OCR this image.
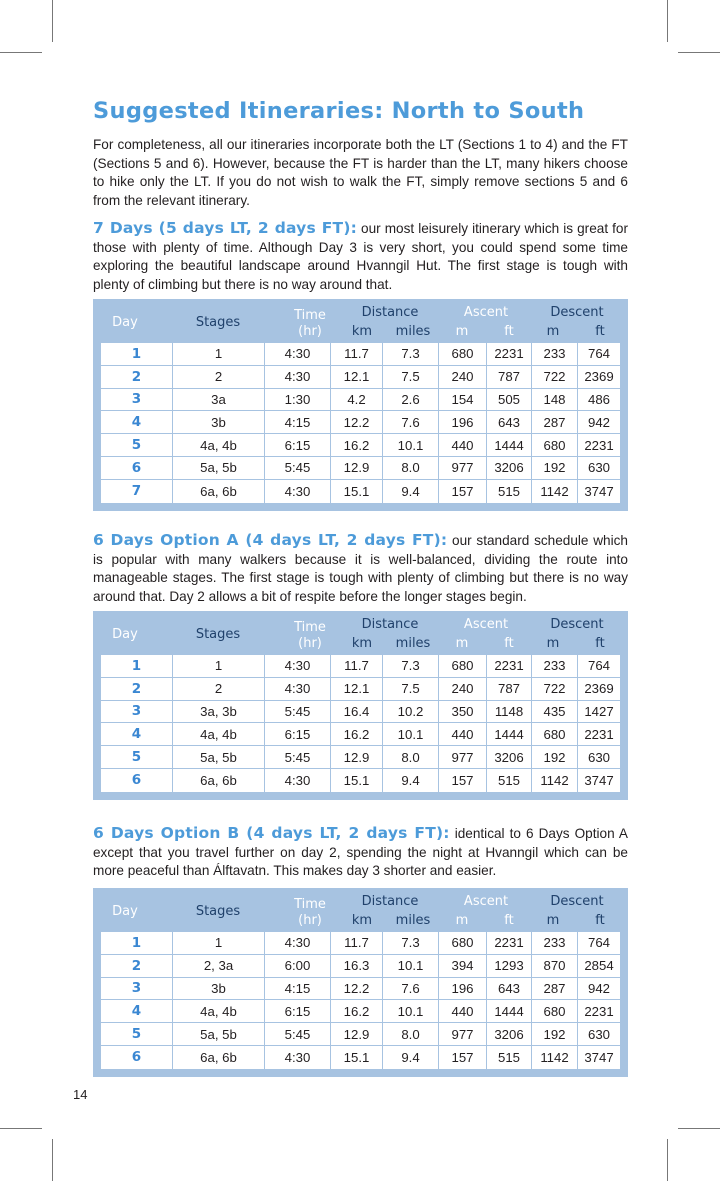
Suggested Itineraries: North to South

For completeness, all our itineraries incorporate both the LT (Sections 1 to 4) and the FT (Sections 5 and 6). However, because the FT is harder than the LT, many hikers choose to hike only the LT. If you do not wish to walk the FT, simply remove sections 5 and 6 from the relevant itinerary.

7 Days (5 days LT, 2 days FT): our most leisurely itinerary which is great for those with plenty of time. Although Day 3 is very short, you could spend some time exploring the beautiful landscape around Hvanngil Hut. The first stage is tough with plenty of climbing but there is no way around that.

Day	Stages	Time
(hr)
Distance
km miles
Ascent
m	ft
Descent
m	ft
1	1	4:30	11.7	7.3	680	2231	233	764
2	2	4:30	12.1	7.5	240	787	722	2369
3	3a	1:30	4.2	2.6	154	505	148	486
4	3b	4:15	12.2	7.6	196	643	287	942
5	4a, 4b	6:15	16.2	10.1	440	1444	680	2231
6	5a, 5b	5:45	12.9	8.0	977	3206	192	630
7	6a, 6b	4:30	15.1	9.4	157	515	1142	3747

6 Days Option A (4 days LT, 2 days FT): our standard schedule which is popular with many walkers because it is well-balanced, dividing the route into manageable stages. The first stage is tough with plenty of climbing but there is no way around that. Day 2 allows a bit of respite before the longer stages begin.

Day	Stages	Time
(hr)
Distance
km miles
Ascent
m	ft
Descent
m	ft
1	1	4:30	11.7	7.3	680	2231	233	764
2	2	4:30	12.1	7.5	240	787	722	2369
3	3a, 3b	5:45	16.4	10.2	350	1148	435	1427
4	4a, 4b	6:15	16.2	10.1	440	1444	680	2231
5	5a, 5b	5:45	12.9	8.0	977	3206	192	630
6	6a, 6b	4:30	15.1	9.4	157	515	1142	3747

6 Days Option B (4 days LT, 2 days FT): identical to 6 Days Option A except that you travel further on day 2, spending the night at Hvanngil which can be more peaceful than Álftavatn. This makes day 3 shorter and easier.

Day	Stages	Time
(hr)
Distance
km miles
Ascent
m	ft
Descent
m	ft
1	1	4:30	11.7	7.3	680	2231	233	764
2	2, 3a	6:00	16.3	10.1	394	1293	870	2854
3	3b	4:15	12.2	7.6	196	643	287	942
4	4a, 4b	6:15	16.2	10.1	440	1444	680	2231
5	5a, 5b	5:45	12.9	8.0	977	3206	192	630
6	6a, 6b	4:30	15.1	9.4	157	515	1142	3747
14
